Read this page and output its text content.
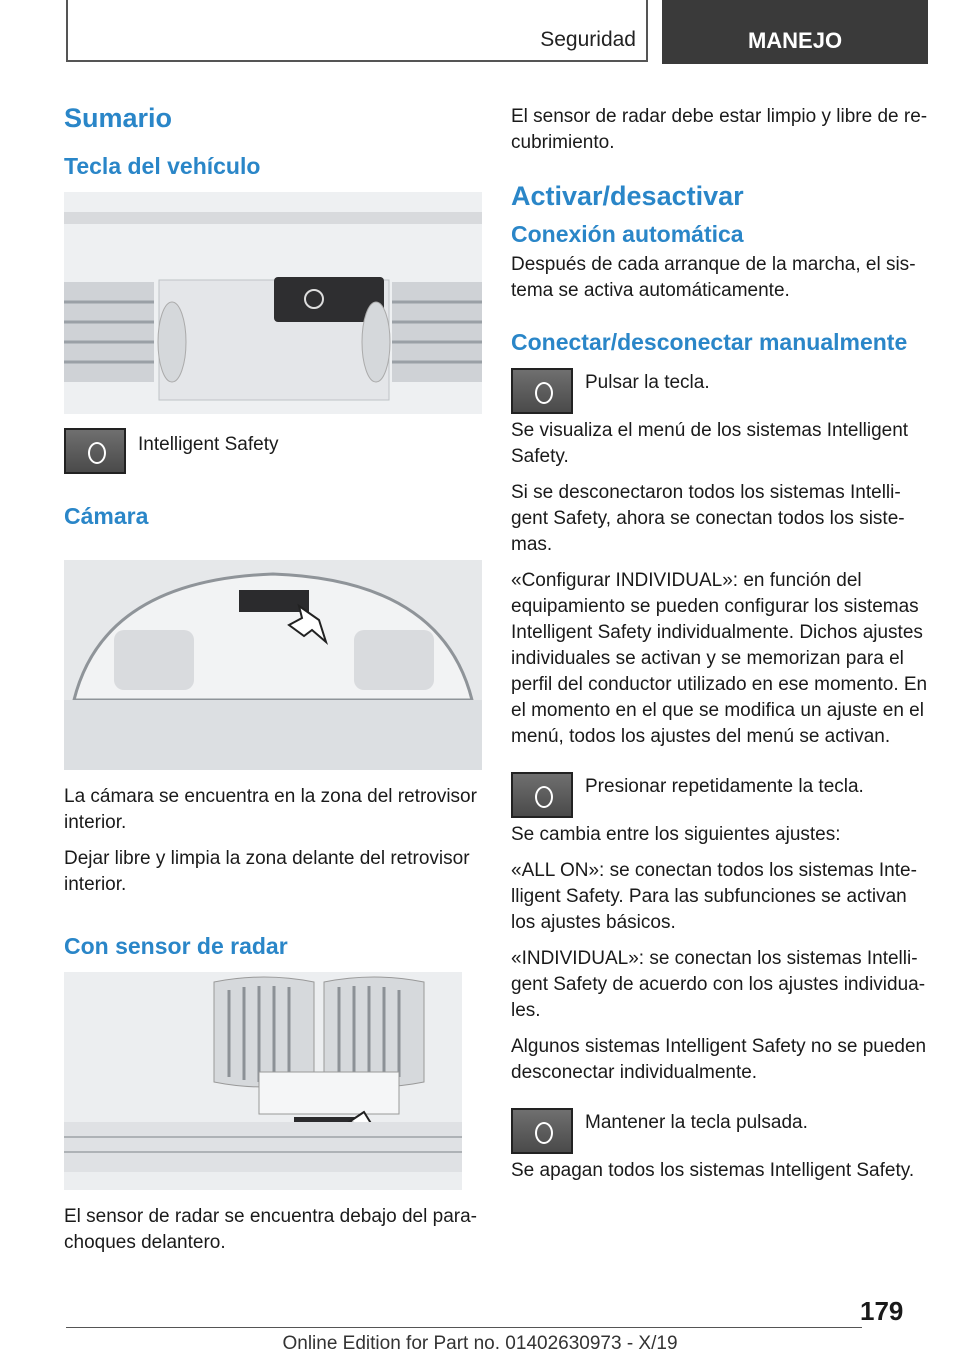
Seguridad	MANEJO
Sumario
Tecla del vehículo

Intelligent Safety

Cámara

La cámara se encuentra en la zona del retrovisor interior.

Dejar libre y limpia la zona delante del retrovisor interior.

Con sensor de radar

El sensor de radar se encuentra debajo del parachoques delantero.

El sensor de radar debe estar limpio y libre de recubrimiento.

Activar/desactivar
Conexión automática

Después de cada arranque de la marcha, el sistema se activa automáticamente.

Conectar/desconectar manualmente

Pulsar la tecla.

Se visualiza el menú de los sistemas Intelligent Safety.

Si se desconectaron todos los sistemas Intelligent Safety, ahora se conectan todos los sistemas.

«Configurar INDIVIDUAL»: en función del equipamiento se pueden configurar los sistemas Intelligent Safety individualmente. Dichos ajustes individuales se activan y se memorizan para el perfil del conductor utilizado en ese momento. En el momento en el que se modifica un ajuste en el menú, todos los ajustes del menú se activan.

Presionar repetidamente la tecla.

Se cambia entre los siguientes ajustes:

«ALL ON»: se conectan todos los sistemas Intelligent Safety. Para las subfunciones se activan los ajustes básicos.

«INDIVIDUAL»: se conectan los sistemas Intelligent Safety de acuerdo con los ajustes individuales.

Algunos sistemas Intelligent Safety no se pueden desconectar individualmente.

Mantener la tecla pulsada.

Se apagan todos los sistemas Intelligent Safety.

179
Online Edition for Part no. 01402630973 - X/19
